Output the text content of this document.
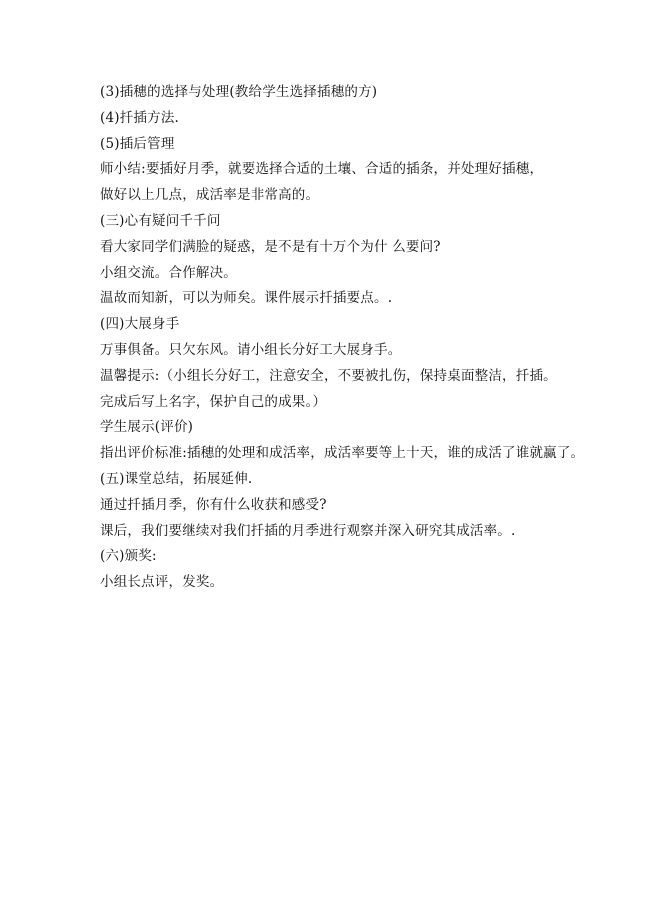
(3)插穗的选择与处理(教给学生选择插穗的方)
(4)扦插方法.
(5)插后管理
师小结:要插好月季，就要选择合适的土壤、合适的插条，并处理好插穗，
做好以上几点，成活率是非常高的。
(三)心有疑问千千问
看大家同学们满脸的疑惑，是不是有十万个为什 么要问?
小组交流。合作解决。
温故而知新，可以为师矣。课件展示扦插要点。.
(四)大展身手
万事俱备。只欠东风。请小组长分好工大展身手。
温馨提示:（小组长分好工，注意安全，不要被扎伤，保持桌面整洁，扦插。
完成后写上名字，保护自己的成果。）
学生展示(评价)
指出评价标准:插穗的处理和成活率，成活率要等上十天，谁的成活了谁就赢了。
(五)课堂总结，拓展延伸.
通过扦插月季，你有什么收获和感受?
课后，我们要继续对我们扦插的月季进行观察并深入研究其成活率。.
(六)颁奖:
小组长点评，发奖。
